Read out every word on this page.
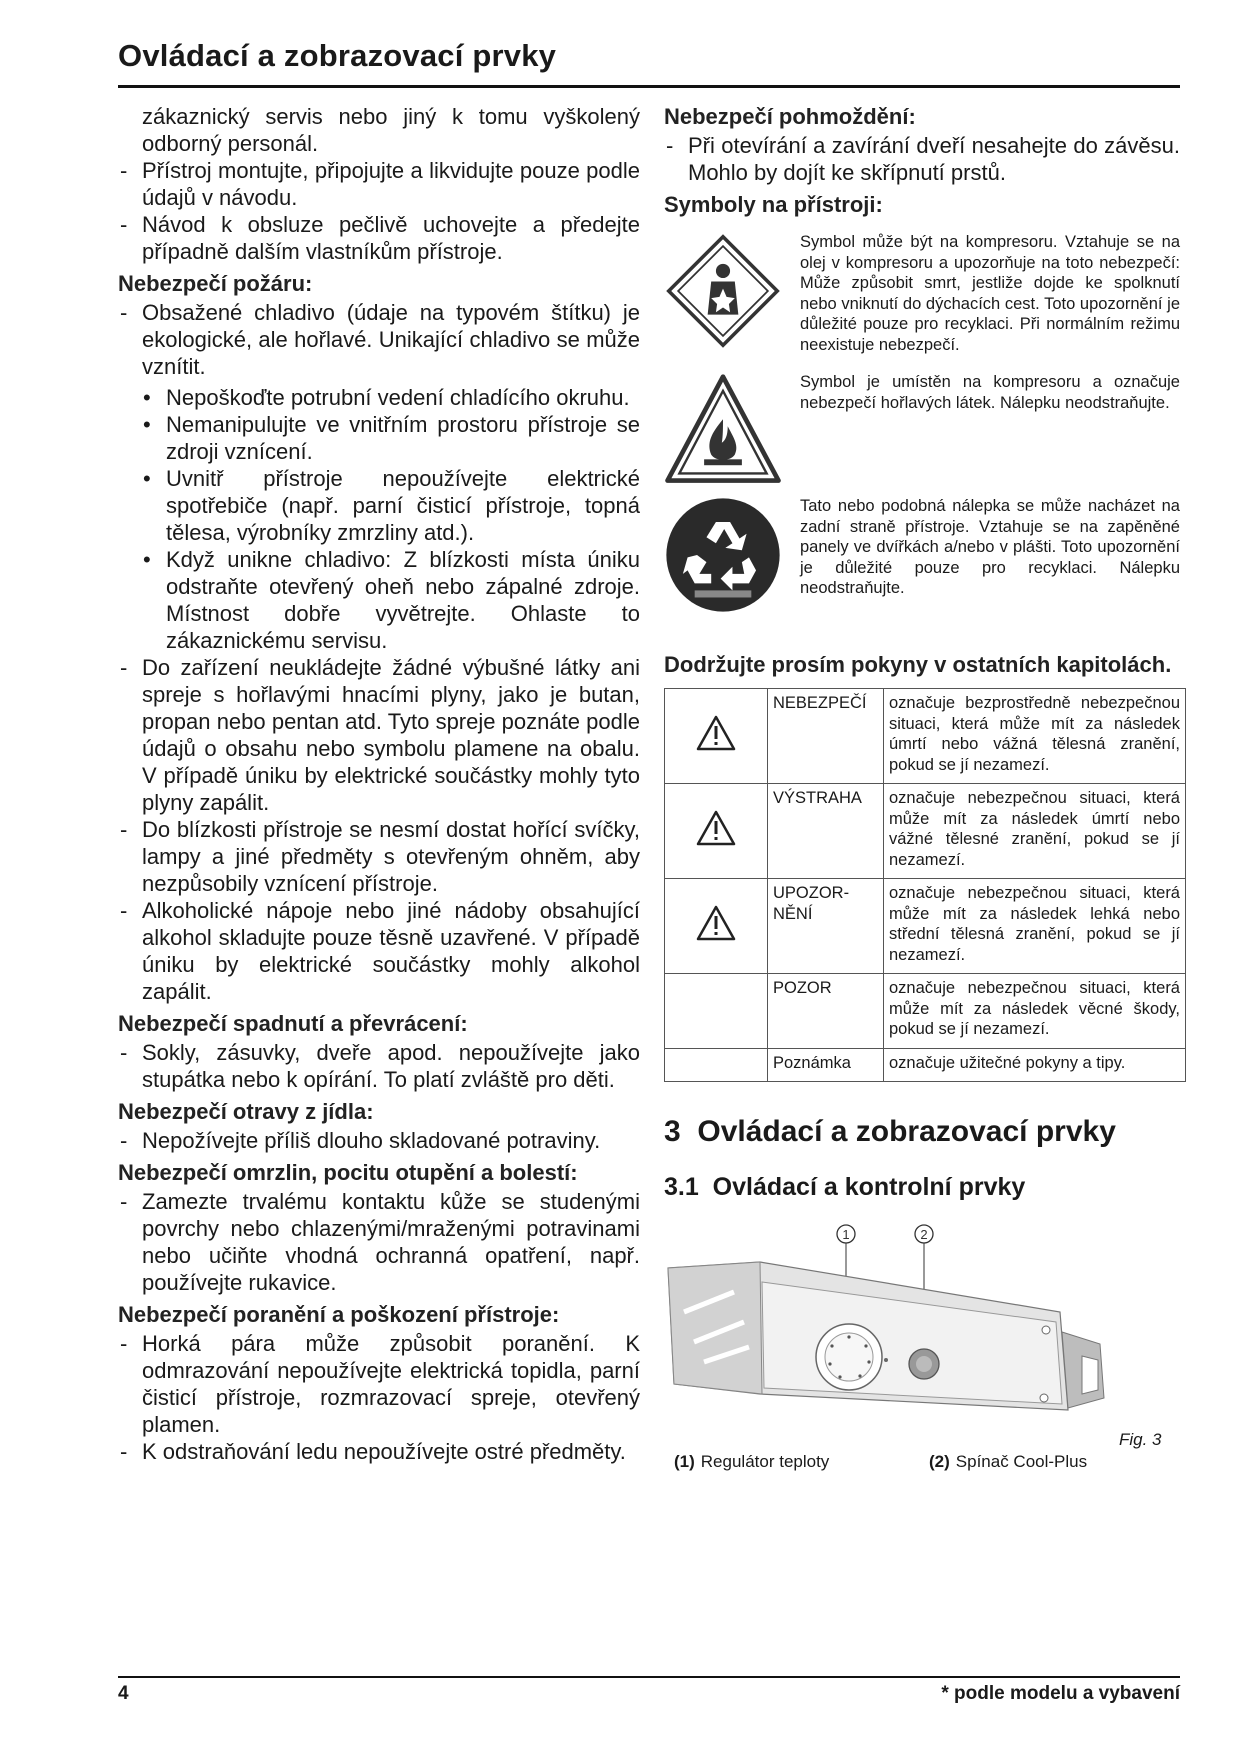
Ovládací a zobrazovací prvky

zákaznický servis nebo jiný k tomu vyškolený odborný personál.

- Přístroj montujte, připojujte a likvidujte pouze podle údajů v návodu.

- Návod k obsluze pečlivě uchovejte a předejte případně dalším vlastníkům přístroje.

Nebezpečí požáru:

- Obsažené chladivo (údaje na typovém štítku) je ekologické, ale hořlavé. Unikající chladivo se může vznítit.

• Nepoškoďte potrubní vedení chladícího okruhu.

• Nemanipulujte ve vnitřním prostoru přístroje se zdroji vznícení.

• Uvnitř přístroje nepoužívejte elektrické spotřebiče (např. parní čisticí přístroje, topná tělesa, výrobníky zmrzliny atd.).

• Když unikne chladivo: Z blízkosti místa úniku odstraňte otevřený oheň nebo zápalné zdroje. Místnost dobře vyvětrejte. Ohlaste to zákaznickému servisu.

- Do zařízení neukládejte žádné výbušné látky ani spreje s hořlavými hnacími plyny, jako je butan, propan nebo pentan atd. Tyto spreje poznáte podle údajů o obsahu nebo symbolu plamene na obalu. V případě úniku by elektrické součástky mohly tyto plyny zapálit.

- Do blízkosti přístroje se nesmí dostat hořící svíčky, lampy a jiné předměty s otevřeným ohněm, aby nezpůsobily vznícení přístroje.

- Alkoholické nápoje nebo jiné nádoby obsahující alkohol skladujte pouze těsně uzavřené. V případě úniku by elektrické součástky mohly alkohol zapálit.

Nebezpečí spadnutí a převrácení:

- Sokly, zásuvky, dveře apod. nepoužívejte jako stupátka nebo k opírání. To platí zvláště pro děti.

Nebezpečí otravy z jídla:

- Nepožívejte příliš dlouho skladované potraviny.

Nebezpečí omrzlin, pocitu otupění a bolestí:

- Zamezte trvalému kontaktu kůže se studenými povrchy nebo chlazenými/mraženými potravinami nebo učiňte vhodná ochranná opatření, např. používejte rukavice.

Nebezpečí poranění a poškození přístroje:

- Horká pára může způsobit poranění. K odmrazování nepoužívejte elektrická topidla, parní čisticí přístroje, rozmrazovací spreje, otevřený plamen.

- K odstraňování ledu nepoužívejte ostré předměty.

Nebezpečí pohmoždění:

- Při otevírání a zavírání dveří nesahejte do závěsu. Mohlo by dojít ke skřípnutí prstů.

Symboly na přístroji:

Symbol může být na kompresoru. Vztahuje se na olej v kompresoru a upozorňuje na toto nebezpečí: Může způsobit smrt, jestliže dojde ke spolknutí nebo vniknutí do dýchacích cest. Toto upozornění je důležité pouze pro recyklaci. Při normálním režimu neexistuje nebezpečí.
Symbol je umístěn na kompresoru a označuje nebezpečí hořlavých látek. Nálepku neodstraňujte.
Tato nebo podobná nálepka se může nacházet na zadní straně přístroje. Vztahuje se na zapěněné panely ve dvířkách a/nebo v plášti. Toto upozornění je důležité pouze pro recyklaci. Nálepku neodstraňujte.

Dodržujte prosím pokyny v ostatních kapitolách.

	NEBEZPEČÍ	označuje bezprostředně nebezpečnou situaci, která může mít za následek úmrtí nebo vážná tělesná zranění, pokud se jí nezamezí.
	VÝSTRAHA	označuje nebezpečnou situaci, která může mít za následek úmrtí nebo vážné tělesné zranění, pokud se jí nezamezí.
	UPOZOR-NĚNÍ	označuje nebezpečnou situaci, která může mít za následek lehká nebo střední tělesná zranění, pokud se jí nezamezí.
	POZOR	označuje nebezpečnou situaci, která může mít za následek věcné škody, pokud se jí nezamezí.
	Poznámka	označuje užitečné pokyny a tipy.
3 Ovládací a zobrazovací prvky
3.1 Ovládací a kontrolní prvky
1	2
Fig. 3
(1) Regulátor teploty	(2) Spínač Cool-Plus
4	* podle modelu a vybavení
